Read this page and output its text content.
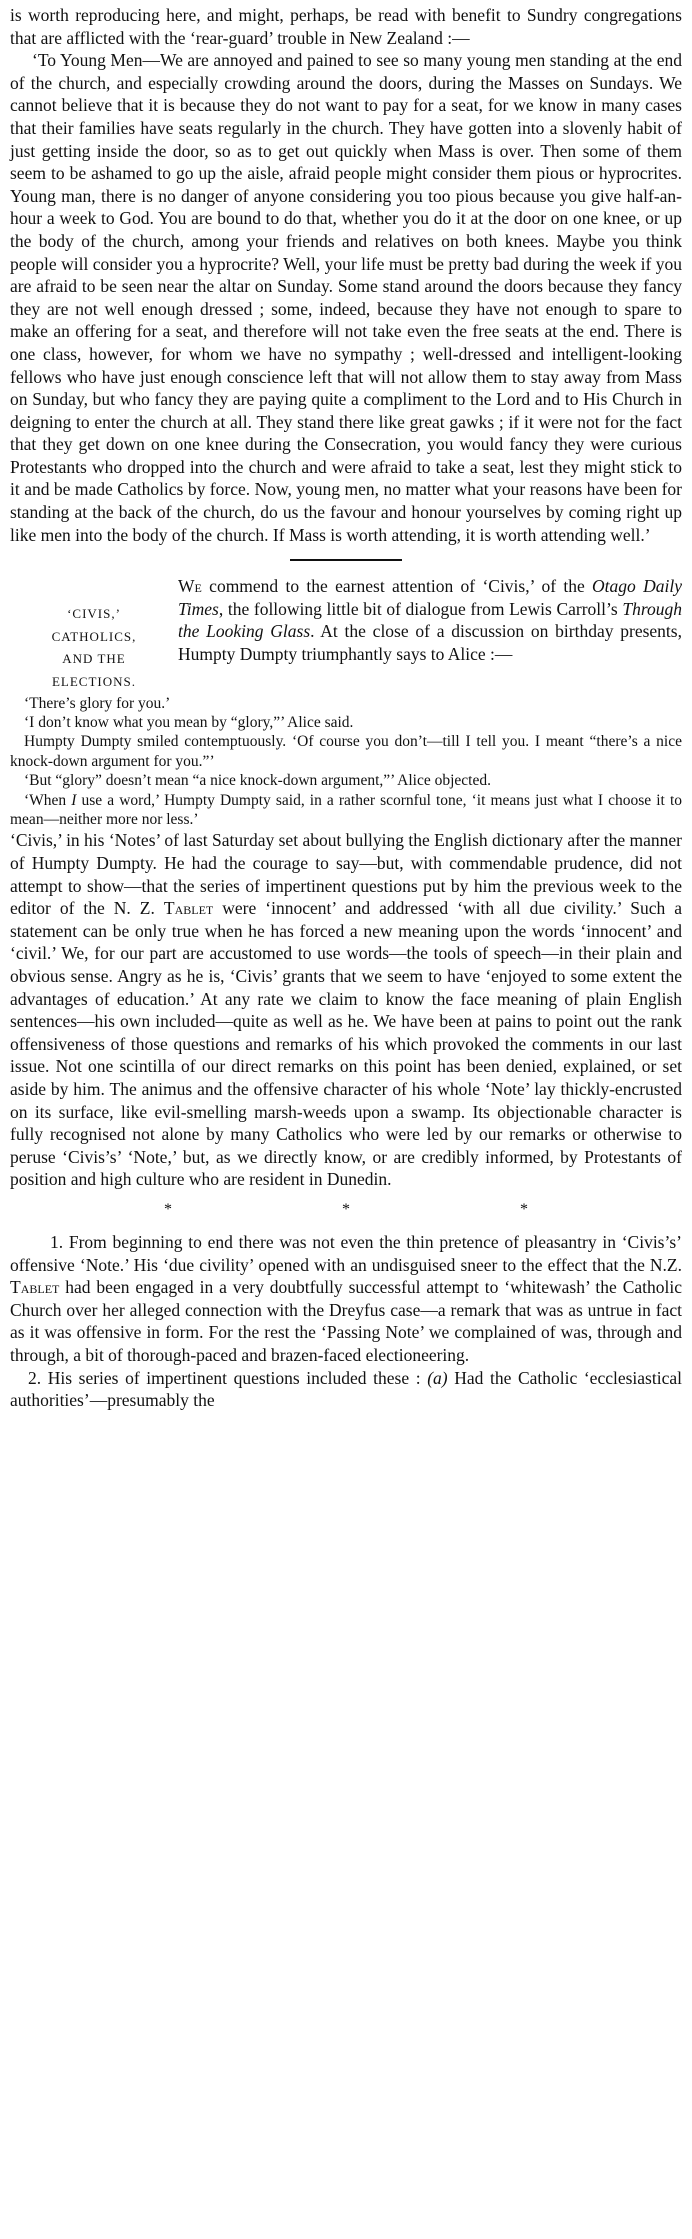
is worth reproducing here, and might, perhaps, be read with benefit to Sundry congregations that are afflicted with the ‘rear-guard’ trouble in New Zealand :—

‘To Young Men—We are annoyed and pained to see so many young men standing at the end of the church, and especially crowding around the doors, during the Masses on Sundays. We cannot believe that it is because they do not want to pay for a seat, for we know in many cases that their families have seats regularly in the church. They have gotten into a slovenly habit of just getting inside the door, so as to get out quickly when Mass is over. Then some of them seem to be ashamed to go up the aisle, afraid people might consider them pious or hyprocrites. Young man, there is no danger of anyone considering you too pious because you give half-an-hour a week to God. You are bound to do that, whether you do it at the door on one knee, or up the body of the church, among your friends and relatives on both knees. Maybe you think people will consider you a hyprocrite? Well, your life must be pretty bad during the week if you are afraid to be seen near the altar on Sunday. Some stand around the doors because they fancy they are not well enough dressed ; some, indeed, because they have not enough to spare to make an offering for a seat, and therefore will not take even the free seats at the end. There is one class, however, for whom we have no sympathy ; well-dressed and intelligent-looking fellows who have just enough conscience left that will not allow them to stay away from Mass on Sunday, but who fancy they are paying quite a compliment to the Lord and to His Church in deigning to enter the church at all. They stand there like great gawks ; if it were not for the fact that they get down on one knee during the Consecration, you would fancy they were curious Protestants who dropped into the church and were afraid to take a seat, lest they might stick to it and be made Catholics by force. Now, young men, no matter what your reasons have been for standing at the back of the church, do us the favour and honour yourselves by coming right up like men into the body of the church. If Mass is worth attending, it is worth attending well.’

‘CIVIS,’
CATHOLICS,
AND THE
ELECTIONS.

We commend to the earnest attention of ‘Civis,’ of the Otago Daily Times, the following little bit of dialogue from Lewis Carroll’s Through the Looking Glass. At the close of a discussion on birthday presents, Humpty Dumpty triumphantly says to Alice :—

‘There’s glory for you.’

‘I don’t know what you mean by “glory,”’ Alice said.

Humpty Dumpty smiled contemptuously. ‘Of course you don’t—till I tell you. I meant “there’s a nice knock-down argument for you.”’

‘But “glory” doesn’t mean “a nice knock-down argument,”’ Alice objected.

‘When I use a word,’ Humpty Dumpty said, in a rather scornful tone, ‘it means just what I choose it to mean—neither more nor less.’

‘Civis,’ in his ‘Notes’ of last Saturday set about bullying the English dictionary after the manner of Humpty Dumpty. He had the courage to say—but, with commendable prudence, did not attempt to show—that the series of impertinent questions put by him the previous week to the editor of the N. Z. Tablet were ‘innocent’ and addressed ‘with all due civility.’ Such a statement can be only true when he has forced a new meaning upon the words ‘innocent’ and ‘civil.’ We, for our part are accustomed to use words—the tools of speech—in their plain and obvious sense. Angry as he is, ‘Civis’ grants that we seem to have ‘enjoyed to some extent the advantages of education.’ At any rate we claim to know the face meaning of plain English sentences—his own included—quite as well as he. We have been at pains to point out the rank offensiveness of those questions and remarks of his which provoked the comments in our last issue. Not one scintilla of our direct remarks on this point has been denied, explained, or set aside by him. The animus and the offensive character of his whole ‘Note’ lay thickly-encrusted on its surface, like evil-smelling marsh-weeds upon a swamp. Its objectionable character is fully recognised not alone by many Catholics who were led by our remarks or otherwise to peruse ‘Civis’s’ ‘Note,’ but, as we directly know, or are credibly informed, by Protestants of position and high culture who are resident in Dunedin.

*	*	*

1. From beginning to end there was not even the thin pretence of pleasantry in ‘Civis’s’ offensive ‘Note.’ His ‘due civility’ opened with an undisguised sneer to the effect that the N.Z. Tablet had been engaged in a very doubtfully successful attempt to ‘whitewash’ the Catholic Church over her alleged connection with the Dreyfus case—a remark that was as untrue in fact as it was offensive in form. For the rest the ‘Passing Note’ we complained of was, through and through, a bit of thorough-paced and brazen-faced electioneering.

2. His series of impertinent questions included these : (a) Had the Catholic ‘ecclesiastical authorities’—presumably the
